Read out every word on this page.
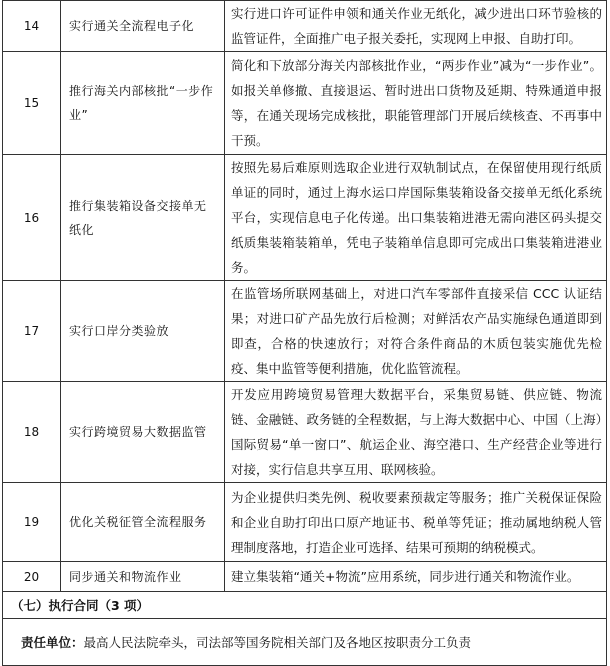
14	实行通关全流程电子化	实行进口许可证件申领和通关作业无纸化，减少进出口环节验核的监管证件，全面推广电子报关委托，实现网上申报、自助打印。
15	推行海关内部核批“一步作业”	简化和下放部分海关内部核批作业，“两步作业”减为“一步作业”。如报关单修撤、直接退运、暂时进出口货物及延期、特殊通道申报等，在通关现场完成核批，职能管理部门开展后续核查、不再事中干预。
16	推行集装箱设备交接单无纸化	按照先易后难原则选取企业进行双轨制试点，在保留使用现行纸质单证的同时，通过上海水运口岸国际集装箱设备交接单无纸化系统平台，实现信息电子化传递。出口集装箱进港无需向港区码头提交纸质集装箱装箱单，凭电子装箱单信息即可完成出口集装箱进港业务。
17	实行口岸分类验放	在监管场所联网基础上，对进口汽车零部件直接采信 CCC 认证结果；对进口矿产品先放行后检测；对鲜活农产品实施绿色通道即到即查，合格的快速放行；对符合条件商品的木质包装实施优先检疫、集中监管等便利措施，优化监管流程。
18	实行跨境贸易大数据监管	开发应用跨境贸易管理大数据平台，采集贸易链、供应链、物流链、金融链、政务链的全程数据，与上海大数据中心、中国（上海）国际贸易“单一窗口”、航运企业、海空港口、生产经营企业等进行对接，实行信息共享互用、联网核验。
19	优化关税征管全流程服务	为企业提供归类先例、税收要素预裁定等服务；推广关税保证保险和企业自助打印出口原产地证书、税单等凭证；推动属地纳税人管理制度落地，打造企业可选择、结果可预期的纳税模式。
20	同步通关和物流作业	建立集装箱“通关+物流”应用系统，同步进行通关和物流作业。
（七）执行合同（3 项）		
责任单位：最高人民法院牵头，司法部等国务院相关部门及各地区按职责分工负责		
